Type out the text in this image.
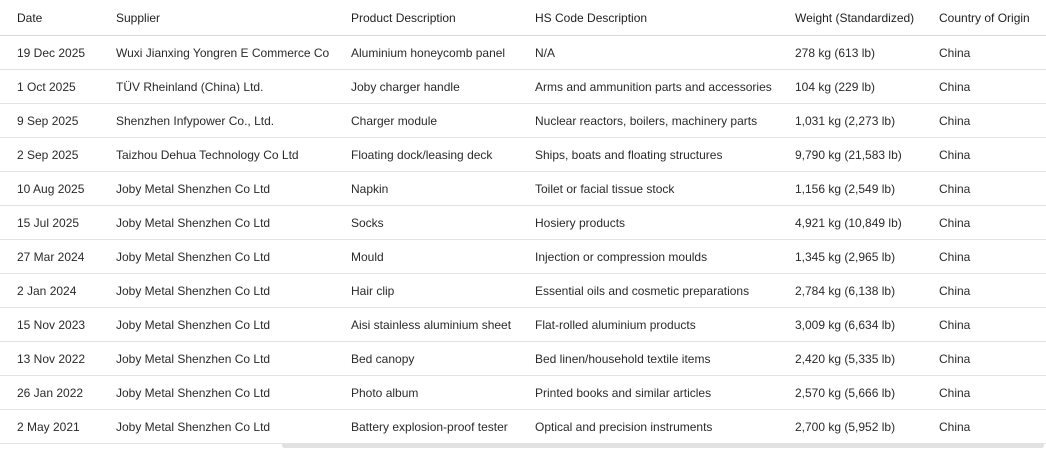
Date	Supplier	Product Description	HS Code Description	Weight (Standardized)	Country of Origin
19 Dec 2025	Wuxi Jianxing Yongren E Commerce Co	Aluminium honeycomb panel	N/A	278 kg (613 lb)	China
1 Oct 2025	TÜV Rheinland (China) Ltd.	Joby charger handle	Arms and ammunition parts and accessories	104 kg (229 lb)	China
9 Sep 2025	Shenzhen Infypower Co., Ltd.	Charger module	Nuclear reactors, boilers, machinery parts	1,031 kg (2,273 lb)	China
2 Sep 2025	Taizhou Dehua Technology Co Ltd	Floating dock/leasing deck	Ships, boats and floating structures	9,790 kg (21,583 lb)	China
10 Aug 2025	Joby Metal Shenzhen Co Ltd	Napkin	Toilet or facial tissue stock	1,156 kg (2,549 lb)	China
15 Jul 2025	Joby Metal Shenzhen Co Ltd	Socks	Hosiery products	4,921 kg (10,849 lb)	China
27 Mar 2024	Joby Metal Shenzhen Co Ltd	Mould	Injection or compression moulds	1,345 kg (2,965 lb)	China
2 Jan 2024	Joby Metal Shenzhen Co Ltd	Hair clip	Essential oils and cosmetic preparations	2,784 kg (6,138 lb)	China
15 Nov 2023	Joby Metal Shenzhen Co Ltd	Aisi stainless aluminium sheet	Flat-rolled aluminium products	3,009 kg (6,634 lb)	China
13 Nov 2022	Joby Metal Shenzhen Co Ltd	Bed canopy	Bed linen/household textile items	2,420 kg (5,335 lb)	China
26 Jan 2022	Joby Metal Shenzhen Co Ltd	Photo album	Printed books and similar articles	2,570 kg (5,666 lb)	China
2 May 2021	Joby Metal Shenzhen Co Ltd	Battery explosion-proof tester	Optical and precision instruments	2,700 kg (5,952 lb)	China
